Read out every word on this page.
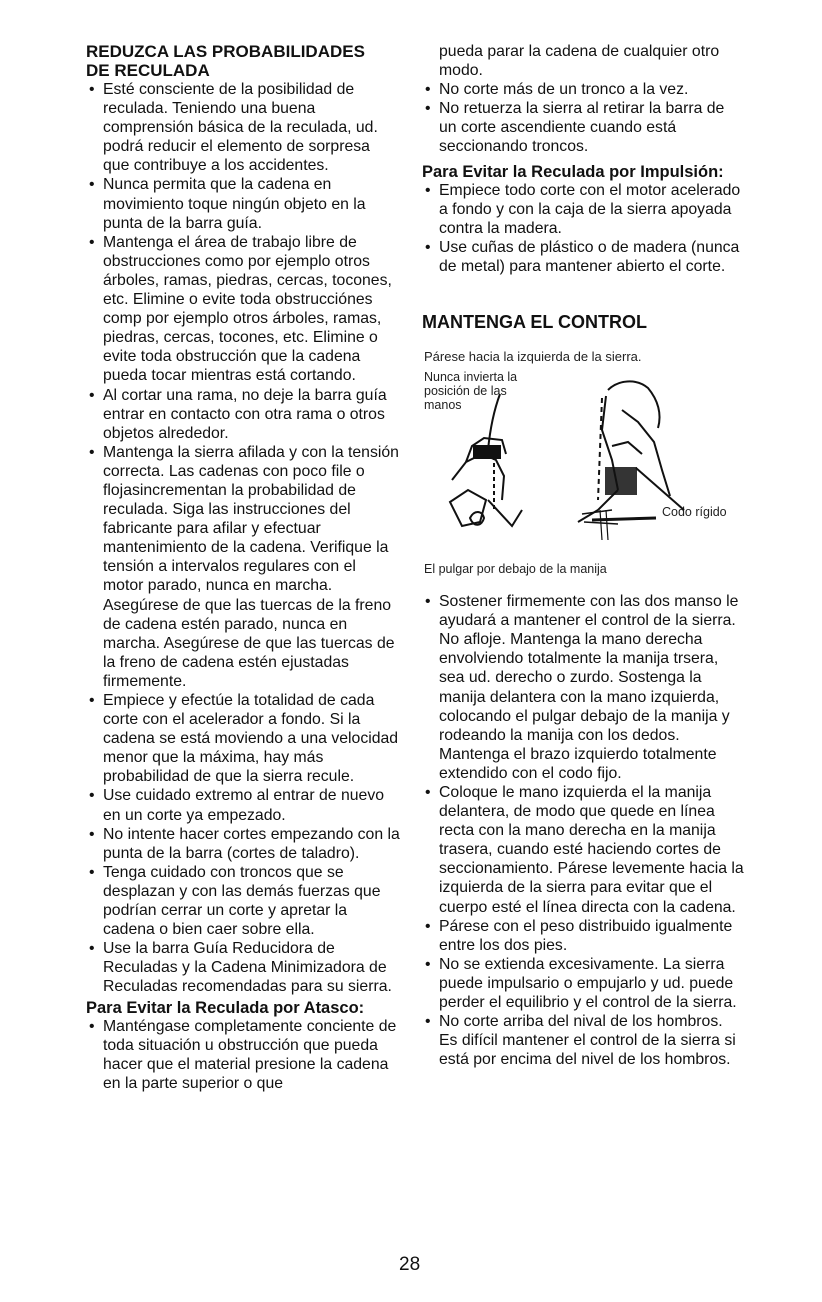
REDUZCA LAS PROBABILIDADES
DE RECULADA

• Esté consciente de la posibilidad de reculada. Teniendo una buena comprensión básica de la reculada, ud. podrá reducir el elemento de sorpresa que contribuye a los accidentes.
• Nunca permita que la cadena en movimiento toque ningún objeto en la punta de la barra guía.
• Mantenga el área de trabajo libre de obstrucciones como por ejemplo otros árboles, ramas, piedras, cercas, tocones, etc. Elimine o evite toda obstrucciónes comp por ejemplo otros árboles, ramas, piedras, cercas, tocones, etc. Elimine o evite toda obstrucción que la cadena pueda tocar mientras está cortando.
• Al cortar una rama, no deje la barra guía entrar en contacto con otra rama o otros objetos alrededor.
• Mantenga la sierra afilada y con la tensión correcta. Las cadenas con poco file o flojasincrementan la probabilidad de reculada. Siga las instrucciones del fabricante para afilar y efectuar mantenimiento de la cadena. Verifique la tensión a intervalos regulares con el motor parado, nunca en marcha. Asegúrese de que las tuercas de la freno de cadena estén parado, nunca en marcha. Asegúrese de que las tuercas de la freno de cadena estén ejustadas firmemente.
• Empiece y efectúe la totalidad de cada corte con el acelerador a fondo. Si la cadena se está moviendo a una velocidad menor que la máxima, hay más probabilidad de que la sierra recule.
• Use cuidado extremo al entrar de nuevo en un corte ya empezado.
• No intente hacer cortes empezando con la punta de la barra (cortes de taladro).
• Tenga cuidado con troncos que se desplazan y con las demás fuerzas que podrían cerrar un corte y apretar la cadena o bien caer sobre ella.
• Use la barra Guía Reducidora de Reculadas y la Cadena Minimizadora de Reculadas recomendadas para su sierra.

Para Evitar la Reculada por Atasco:

• Manténgase completamente conciente de toda situación u obstrucción que pueda hacer que el material presione la cadena en la parte superior o que

pueda parar la cadena de cualquier otro modo.

• No corte más de un tronco a la vez.
• No retuerza la sierra al retirar la barra de un corte ascendiente cuando está seccionando troncos.

Para Evitar la Reculada por Impulsión:

• Empiece todo corte con el motor acelerado a fondo y con la caja de la sierra apoyada contra la madera.
• Use cuñas de plástico o de madera (nunca de metal) para mantener abierto el corte.

MANTENGA EL CONTROL

Párese hacia la izquierda de la sierra.
Nunca invierta la posición de las manos
Codo rígido
El pulgar por debajo de la manija
• Sostener firmemente con las dos manso le ayudará a mantener el control de la sierra. No afloje. Mantenga la mano derecha envolviendo totalmente la manija trsera, sea ud. derecho o zurdo. Sostenga la manija delantera con la mano izquierda, colocando el pulgar debajo de la manija y rodeando la manija con los dedos. Mantenga el brazo izquierdo totalmente extendido con el codo fijo.
• Coloque le mano izquierda el la manija delantera, de modo que quede en línea recta con la mano derecha en la manija trasera, cuando esté haciendo cortes de seccionamiento. Párese levemente hacia la izquierda de la sierra para evitar que el cuerpo esté el línea directa con la cadena.
• Párese con el peso distribuido igualmente entre los dos pies.
• No se extienda excesivamente. La sierra puede impulsario o empujarlo y ud. puede perder el equilibrio y el control de la sierra.
• No corte arriba del nival de los hombros. Es difícil mantener el control de la sierra si está por encima del nivel de los hombros.
28
